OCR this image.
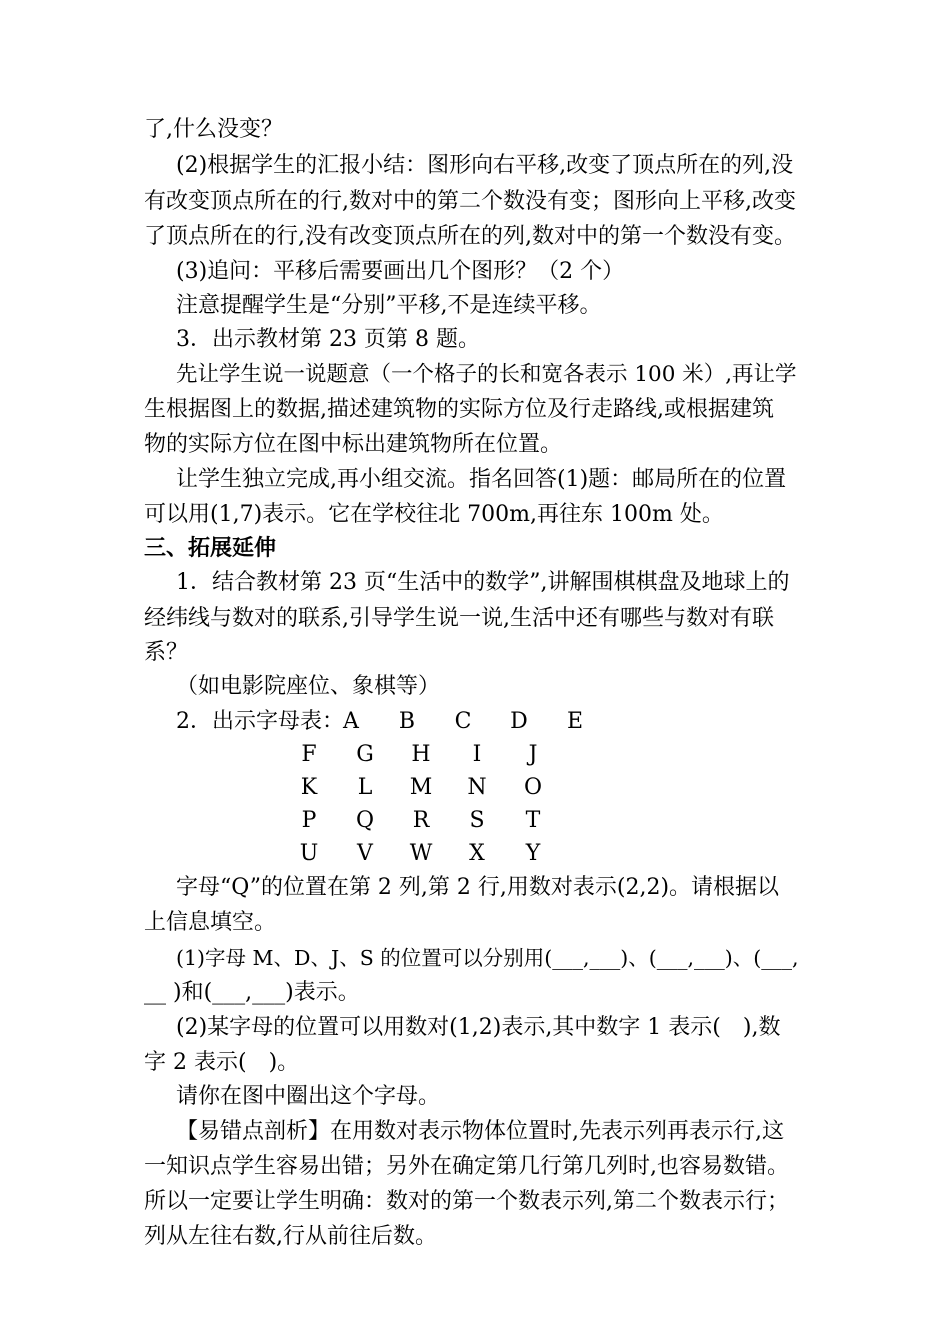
了,什么没变？
(2)根据学生的汇报小结：图形向右平移,改变了顶点所在的列,没
有改变顶点所在的行,数对中的第二个数没有变；图形向上平移,改变
了顶点所在的行,没有改变顶点所在的列,数对中的第一个数没有变。
(3)追问：平移后需要画出几个图形？（2 个）
注意提醒学生是“分别”平移,不是连续平移。
3．出示教材第 23 页第 8 题。
先让学生说一说题意（一个格子的长和宽各表示 100 米）,再让学
生根据图上的数据,描述建筑物的实际方位及行走路线,或根据建筑
物的实际方位在图中标出建筑物所在位置。
让学生独立完成,再小组交流。指名回答(1)题：邮局所在的位置
可以用(1,7)表示。它在学校往北 700m,再往东 100m 处。
三、拓展延伸
1．结合教材第 23 页“生活中的数学”,讲解围棋棋盘及地球上的
经纬线与数对的联系,引导学生说一说,生活中还有哪些与数对有联
系？
（如电影院座位、象棋等）
2．出示字母表： A	B	C D	E
F	G H	I	J
K	L	M N O
P	Q	R	S	T
U	V	W	X	Y
字母“Q”的位置在第 2 列,第 2 行,用数对表示(2,2)。请根据以
上信息填空。
(1)字母 M、D、J、S 的位置可以分别用(___,___)、(___,___)、(___,
__ )和(___,___)表示。
(2)某字母的位置可以用数对(1,2)表示,其中数字 1 表示(　),数
字 2 表示(　)。
请你在图中圈出这个字母。
【易错点剖析】在用数对表示物体位置时,先表示列再表示行,这
一知识点学生容易出错；另外在确定第几行第几列时,也容易数错。
所以一定要让学生明确：数对的第一个数表示列,第二个数表示行；
列从左往右数,行从前往后数。
